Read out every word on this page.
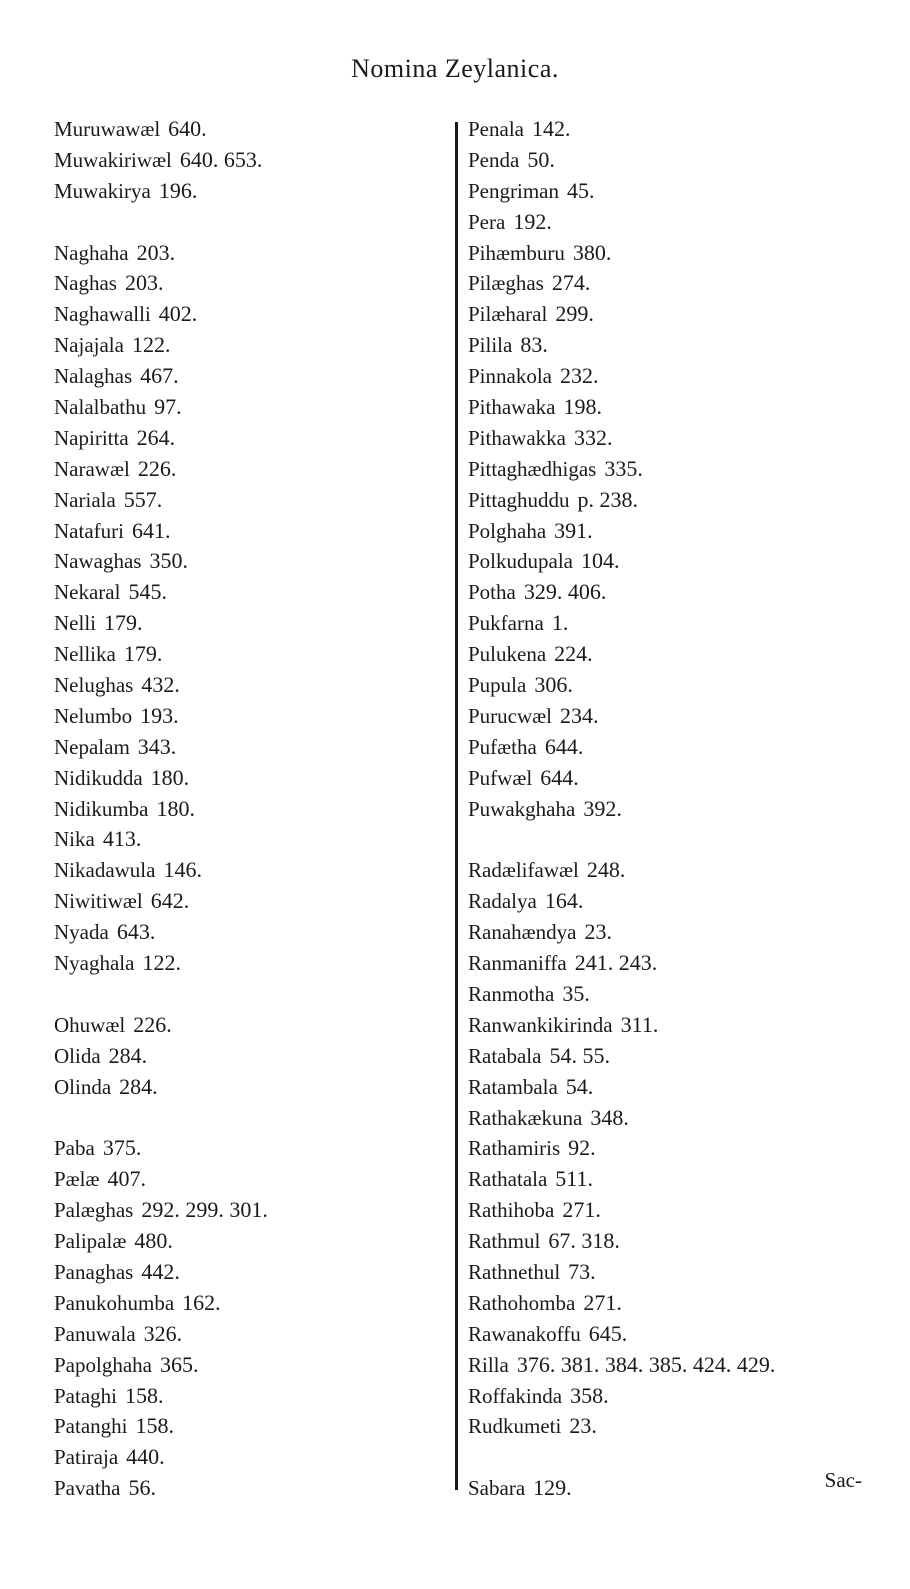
Nomina Zeylanica.
Muruwawæl 640.
Muwakiriwæl 640. 653.
Muwakirya 196.
Naghaha 203.
Naghas 203.
Naghawalli 402.
Najajala 122.
Nalaghas 467.
Nalalbathu 97.
Napiritta 264.
Narawæl 226.
Nariala 557.
Natafuri 641.
Nawaghas 350.
Nekaral 545.
Nelli 179.
Nellika 179.
Nelughas 432.
Nelumbo 193.
Nepalam 343.
Nidikudda 180.
Nidikumba 180.
Nika 413.
Nikadawula 146.
Niwitiwæl 642.
Nyada 643.
Nyaghala 122.
Ohuwæl 226.
Olida 284.
Olinda 284.
Paba 375.
Pælæ 407.
Palæghas 292. 299. 301.
Palipalæ 480.
Panaghas 442.
Panukohumba 162.
Panuwala 326.
Papolghaha 365.
Pataghi 158.
Patanghi 158.
Patiraja 440.
Pavatha 56.
Penala 142.
Penda 50.
Pengriman 45.
Pera 192.
Pihæmburu 380.
Pilæghas 274.
Pilæharal 299.
Pilila 83.
Pinnakola 232.
Pithawaka 198.
Pithawakka 332.
Pittaghædhigas 335.
Pittaghuddu p. 238.
Polghaha 391.
Polkudupala 104.
Potha 329. 406.
Pukfarna 1.
Pulukena 224.
Pupula 306.
Purucwæl 234.
Pufætha 644.
Pufwæl 644.
Puwakghaha 392.
Radælifawæl 248.
Radalya 164.
Ranahændya 23.
Ranmaniffa 241. 243.
Ranmotha 35.
Ranwankikirinda 311.
Ratabala 54. 55.
Ratambala 54.
Rathakækuna 348.
Rathamiris 92.
Rathatala 511.
Rathihoba 271.
Rathmul 67. 318.
Rathnethul 73.
Rathohomba 271.
Rawanakoffu 645.
Rilla 376. 381. 384. 385. 424. 429.
Roffakinda 358.
Rudkumeti 23.
Sabara 129.	Sac-
